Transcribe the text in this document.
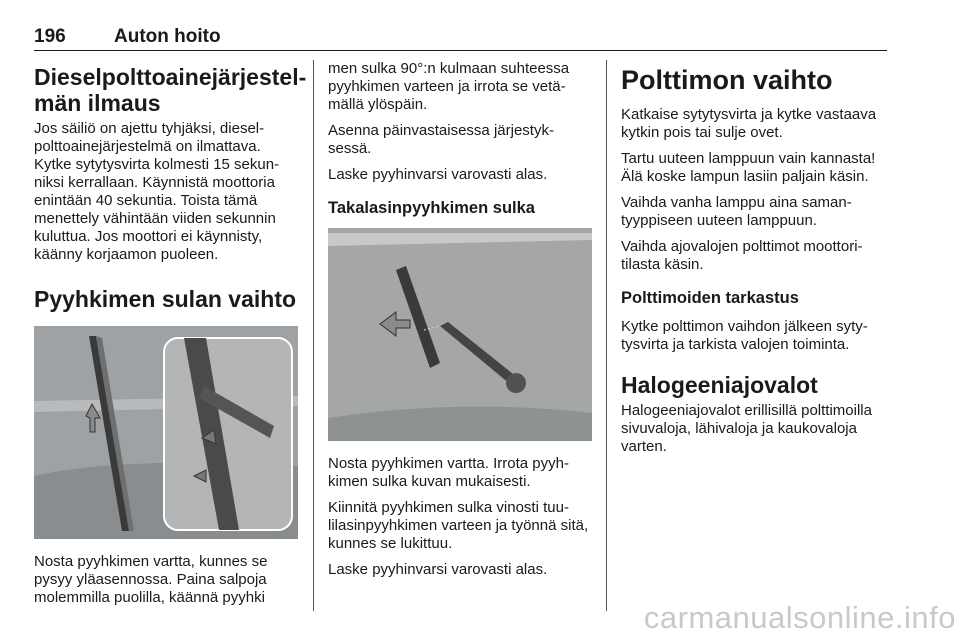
196	Auton hoito
Dieselpolttoainejärjestelmän ilmaus

Jos säiliö on ajettu tyhjäksi, dieselpolttoainejärjestelmä on ilmattava. Kytke sytytysvirta kolmesti 15 sekunniksi kerrallaan. Käynnistä moottoria enintään 40 sekuntia. Toista tämä menettely vähintään viiden sekunnin kuluttua. Jos moottori ei käynnisty, käänny korjaamon puoleen.

Pyyhkimen sulan vaihto

Nosta pyyhkimen vartta, kunnes se pysyy yläasennossa. Paina salpoja molemmilla puolilla, käännä pyyhki

men sulka 90°:n kulmaan suhteessa pyyhkimen varteen ja irrota se vetämällä ylöspäin.

Asenna päinvastaisessa järjestyksessä.

Laske pyyhinvarsi varovasti alas.

Takalasinpyyhkimen sulka

Nosta pyyhkimen vartta. Irrota pyyhkimen sulka kuvan mukaisesti.

Kiinnitä pyyhkimen sulka vinosti tuulilasinpyyhkimen varteen ja työnnä sitä, kunnes se lukittuu.

Laske pyyhinvarsi varovasti alas.

Polttimon vaihto

Katkaise sytytysvirta ja kytke vastaava kytkin pois tai sulje ovet.

Tartu uuteen lamppuun vain kannasta! Älä koske lampun lasiin paljain käsin.

Vaihda vanha lamppu aina samantyyppiseen uuteen lamppuun.

Vaihda ajovalojen polttimot moottoritilasta käsin.

Polttimoiden tarkastus

Kytke polttimon vaihdon jälkeen sytytysvirta ja tarkista valojen toiminta.

Halogeeniajovalot

Halogeeniajovalot erillisillä polttimoilla sivuvaloja, lähivaloja ja kaukovaloja varten.

carmanualsonline.info
